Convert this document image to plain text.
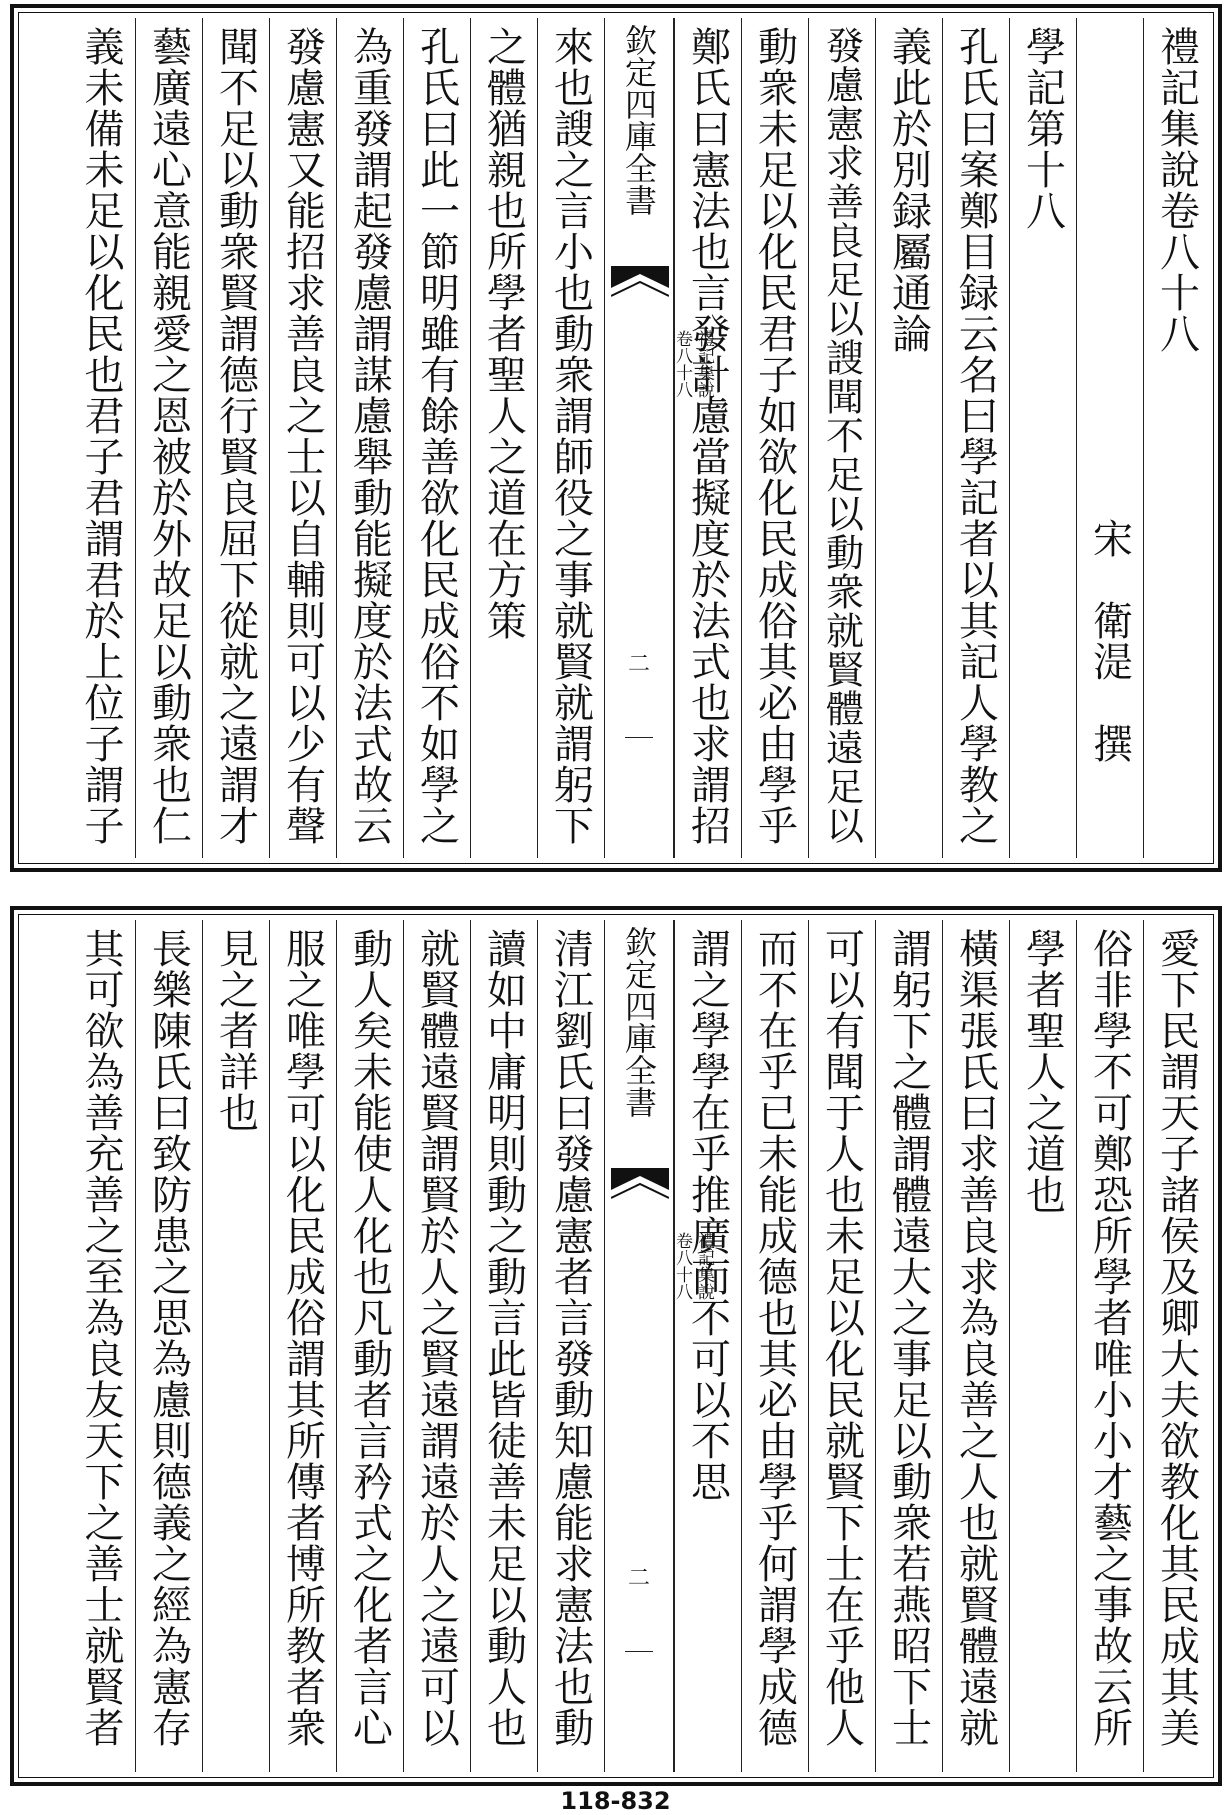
禮記集說卷八十八
　　　　　　　　　　　　宋　衛湜　撰
學記第十八
孔氏曰案鄭目録云名曰學記者以其記人學教之
義此於別録屬通論
發慮憲求善良足以謏聞不足以動衆就賢體遠足以
動衆未足以化民君子如欲化民成俗其必由學乎
鄭氏曰憲法也言發計慮當擬度於法式也求謂招
欽定四庫全書
禮記集說
卷八十八
二
來也謏之言小也動衆謂師役之事就賢就謂躬下
之體猶親也所學者聖人之道在方策
孔氏曰此一節明雖有餘善欲化民成俗不如學之
為重發謂起發慮謂謀慮舉動能擬度於法式故云
發慮憲又能招求善良之士以自輔則可以少有聲
聞不足以動衆賢謂德行賢良屈下從就之遠謂才
藝廣遠心意能親愛之恩被於外故足以動衆也仁
義未備未足以化民也君子君謂君於上位子謂子
愛下民謂天子諸侯及卿大夫欲教化其民成其美
俗非學不可鄭恐所學者唯小小才藝之事故云所
學者聖人之道也
橫渠張氏曰求善良求為良善之人也就賢體遠就
謂躬下之體謂體遠大之事足以動衆若燕昭下士
可以有聞于人也未足以化民就賢下士在乎他人
而不在乎已未能成德也其必由學乎何謂學成德
謂之學學在乎推廣而不可以不思
欽定四庫全書
禮記集說
卷八十八
二
清江劉氏曰發慮憲者言發動知慮能求憲法也動
讀如中庸明則動之動言此皆徒善未足以動人也
就賢體遠賢謂賢於人之賢遠謂遠於人之遠可以
動人矣未能使人化也凡動者言矜式之化者言心
服之唯學可以化民成俗謂其所傳者博所教者衆
見之者詳也
長樂陳氏曰致防患之思為慮則德義之經為憲存
其可欲為善充善之至為良友天下之善士就賢者
118-832
